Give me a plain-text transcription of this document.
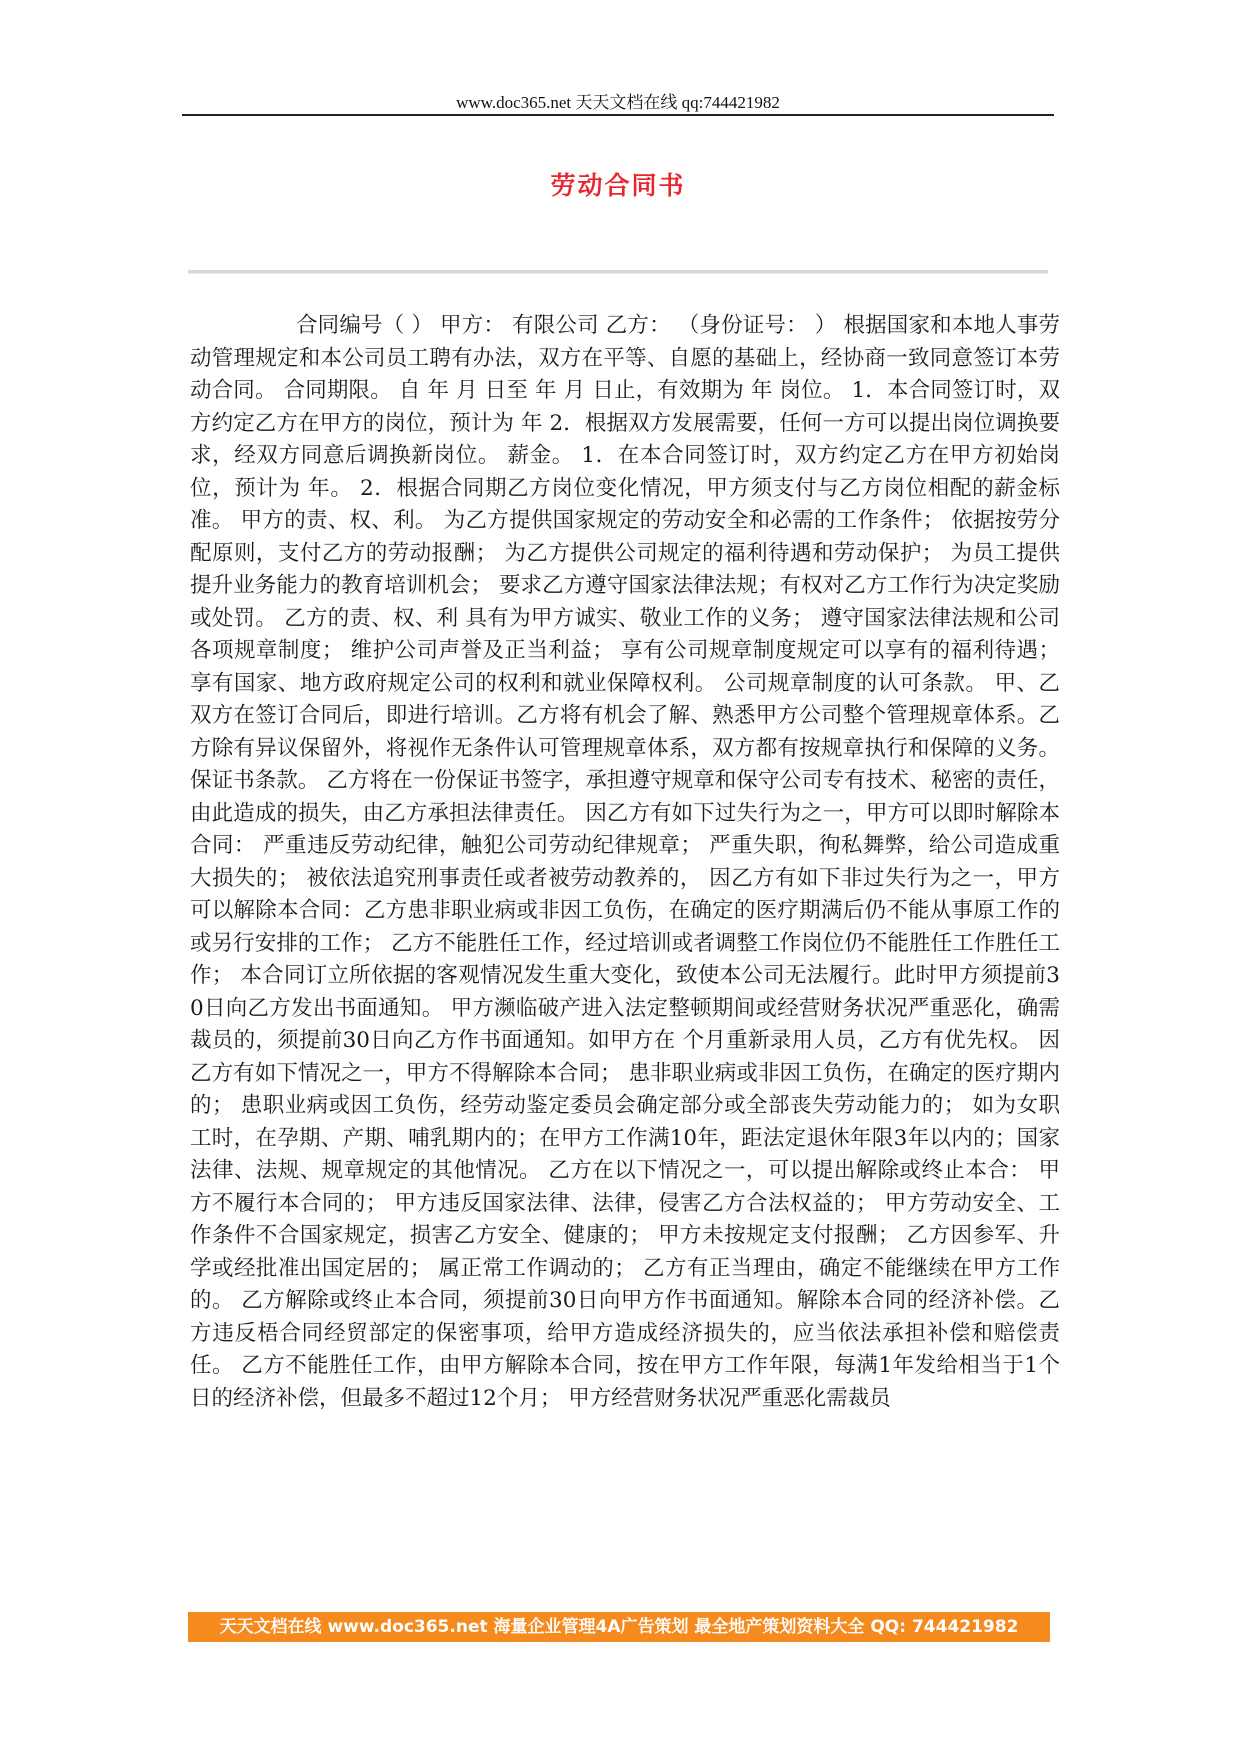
www.doc365.net 天天文档在线 qq:744421982
劳动合同书

合同编号（ ） 甲方： 有限公司 乙方： （身份证号： ） 根据国家和本地人事劳动管理规定和本公司员工聘有办法，双方在平等、自愿的基础上，经协商一致同意签订本劳动合同。 合同期限。 自 年 月 日至 年 月 日止，有效期为 年 岗位。 1．本合同签订时，双方约定乙方在甲方的岗位，预计为 年 2．根据双方发展需要，任何一方可以提出岗位调换要求，经双方同意后调换新岗位。 薪金。 1．在本合同签订时，双方约定乙方在甲方初始岗位，预计为 年。 2．根据合同期乙方岗位变化情况，甲方须支付与乙方岗位相配的薪金标准。 甲方的责、权、利。 为乙方提供国家规定的劳动安全和必需的工作条件； 依据按劳分配原则，支付乙方的劳动报酬； 为乙方提供公司规定的福利待遇和劳动保护； 为员工提供提升业务能力的教育培训机会； 要求乙方遵守国家法律法规；有权对乙方工作行为决定奖励或处罚。 乙方的责、权、利 具有为甲方诚实、敬业工作的义务； 遵守国家法律法规和公司各项规章制度； 维护公司声誉及正当利益； 享有公司规章制度规定可以享有的福利待遇； 享有国家、地方政府规定公司的权利和就业保障权利。 公司规章制度的认可条款。 甲、乙双方在签订合同后，即进行培训。乙方将有机会了解、熟悉甲方公司整个管理规章体系。乙方除有异议保留外，将视作无条件认可管理规章体系，双方都有按规章执行和保障的义务。 保证书条款。 乙方将在一份保证书签字，承担遵守规章和保守公司专有技术、秘密的责任，由此造成的损失，由乙方承担法律责任。 因乙方有如下过失行为之一，甲方可以即时解除本合同： 严重违反劳动纪律，触犯公司劳动纪律规章； 严重失职，徇私舞弊，给公司造成重大损失的； 被依法追究刑事责任或者被劳动教养的， 因乙方有如下非过失行为之一，甲方可以解除本合同：乙方患非职业病或非因工负伤，在确定的医疗期满后仍不能从事原工作的或另行安排的工作； 乙方不能胜任工作，经过培训或者调整工作岗位仍不能胜任工作胜任工作； 本合同订立所依据的客观情况发生重大变化，致使本公司无法履行。此时甲方须提前30日向乙方发出书面通知。 甲方濒临破产进入法定整顿期间或经营财务状况严重恶化，确需裁员的，须提前30日向乙方作书面通知。如甲方在 个月重新录用人员，乙方有优先权。 因乙方有如下情况之一，甲方不得解除本合同； 患非职业病或非因工负伤，在确定的医疗期内的； 患职业病或因工负伤，经劳动鉴定委员会确定部分或全部丧失劳动能力的； 如为女职工时，在孕期、产期、哺乳期内的；在甲方工作满10年，距法定退休年限3年以内的；国家法律、法规、规章规定的其他情况。 乙方在以下情况之一，可以提出解除或终止本合： 甲方不履行本合同的； 甲方违反国家法律、法律，侵害乙方合法权益的； 甲方劳动安全、工作条件不合国家规定，损害乙方安全、健康的； 甲方未按规定支付报酬； 乙方因参军、升学或经批准出国定居的； 属正常工作调动的； 乙方有正当理由，确定不能继续在甲方工作的。 乙方解除或终止本合同，须提前30日向甲方作书面通知。解除本合同的经济补偿。乙方违反梧合同经贸部定的保密事项，给甲方造成经济损失的，应当依法承担补偿和赔偿责任。 乙方不能胜任工作，由甲方解除本合同，按在甲方工作年限，每满1年发给相当于1个日的经济补偿，但最多不超过12个月； 甲方经营财务状况严重恶化需裁员

天天文档在线 www.doc365.net 海量企业管理4A广告策划 最全地产策划资料大全 QQ: 744421982
